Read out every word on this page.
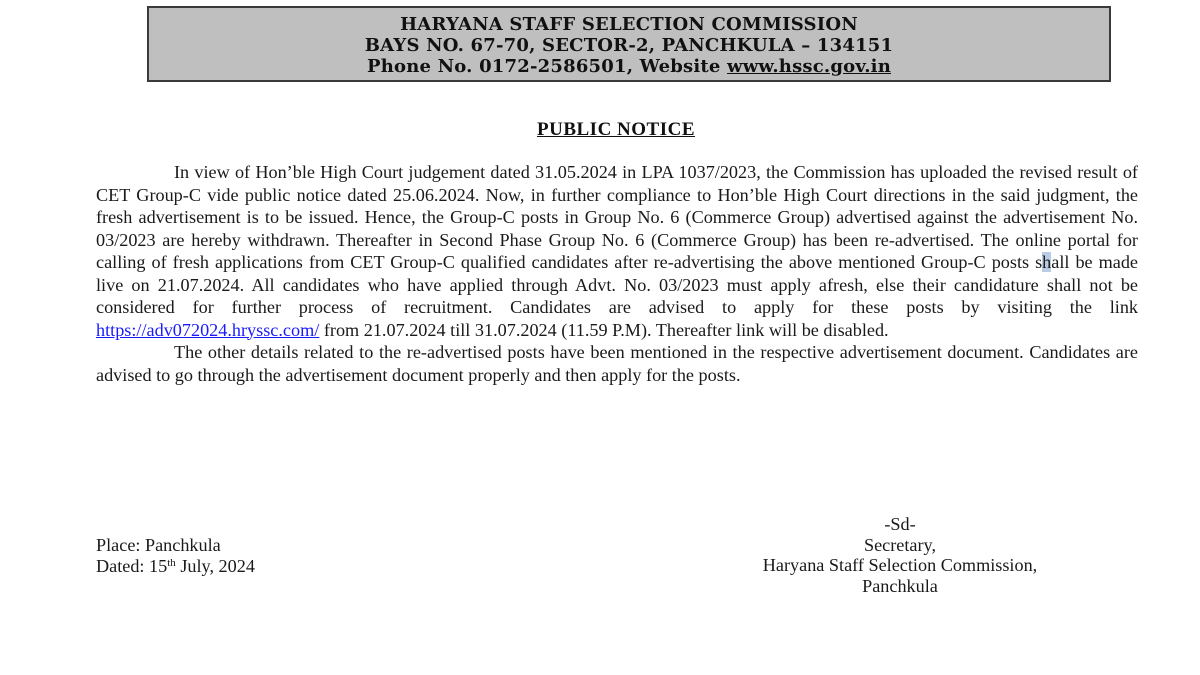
HARYANA STAFF SELECTION COMMISSION
BAYS NO. 67-70, SECTOR-2, PANCHKULA – 134151
Phone No. 0172-2586501, Website www.hssc.gov.in
PUBLIC NOTICE

In view of Hon’ble High Court judgement dated 31.05.2024 in LPA 1037/2023, the Commission has uploaded the revised result of CET Group-C vide public notice dated 25.06.2024. Now, in further compliance to Hon’ble High Court directions in the said judgment, the fresh advertisement is to be issued. Hence, the Group-C posts in Group No. 6 (Commerce Group) advertised against the advertisement No. 03/2023 are hereby withdrawn. Thereafter in Second Phase Group No. 6 (Commerce Group) has been re-advertised. The online portal for calling of fresh applications from CET Group-C qualified candidates after re-advertising the above mentioned Group-C posts shall be made live on 21.07.2024. All candidates who have applied through Advt. No. 03/2023 must apply afresh, else their candidature shall not be considered for further process of recruitment. Candidates are advised to apply for these posts by visiting the link https://adv072024.hryssc.com/ from 21.07.2024 till 31.07.2024 (11.59 P.M). Thereafter link will be disabled.

The other details related to the re-advertised posts have been mentioned in the respective advertisement document. Candidates are advised to go through the advertisement document properly and then apply for the posts.

Place: Panchkula
Dated: 15th July, 2024
-Sd-
Secretary,
Haryana Staff Selection Commission,
Panchkula
